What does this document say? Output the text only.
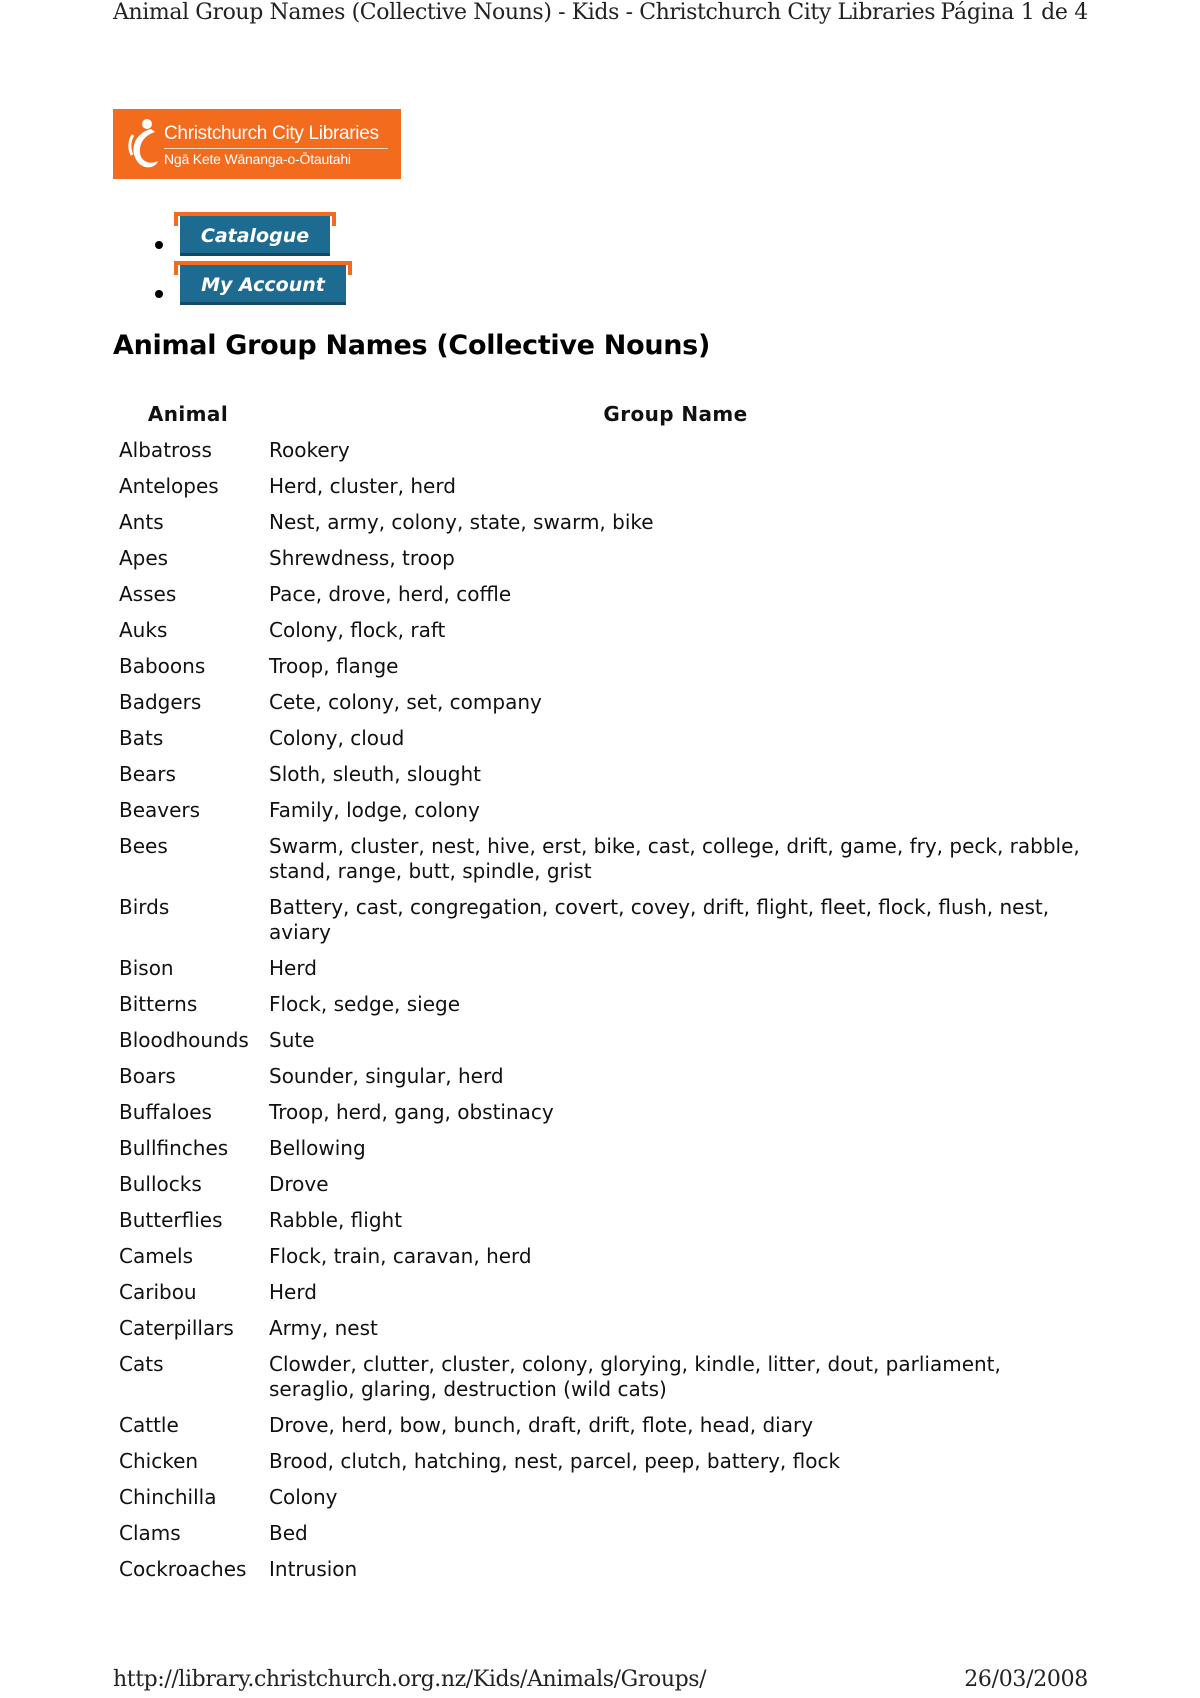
Animal Group Names (Collective Nouns) - Kids - Christchurch City Libraries Página 1 de 4
Christchurch City Libraries
Ngā Kete Wānanga-o-Ōtautahi
Catalogue
My Account
Animal Group Names (Collective Nouns)
Animal	Group Name
Albatross	Rookery
Antelopes	Herd, cluster, herd
Ants	Nest, army, colony, state, swarm, bike
Apes	Shrewdness, troop
Asses	Pace, drove, herd, coffle
Auks	Colony, flock, raft
Baboons	Troop, flange
Badgers	Cete, colony, set, company
Bats	Colony, cloud
Bears	Sloth, sleuth, slought
Beavers	Family, lodge, colony
Bees	Swarm, cluster, nest, hive, erst, bike, cast, college, drift, game, fry, peck, rabble, stand, range, butt, spindle, grist
Birds	Battery, cast, congregation, covert, covey, drift, flight, fleet, flock, flush, nest, aviary
Bison	Herd
Bitterns	Flock, sedge, siege
Bloodhounds	Sute
Boars	Sounder, singular, herd
Buffaloes	Troop, herd, gang, obstinacy
Bullfinches	Bellowing
Bullocks	Drove
Butterflies	Rabble, flight
Camels	Flock, train, caravan, herd
Caribou	Herd
Caterpillars	Army, nest
Cats	Clowder, clutter, cluster, colony, glorying, kindle, litter, dout, parliament, seraglio, glaring, destruction (wild cats)
Cattle	Drove, herd, bow, bunch, draft, drift, flote, head, diary
Chicken	Brood, clutch, hatching, nest, parcel, peep, battery, flock
Chinchilla	Colony
Clams	Bed
Cockroaches	Intrusion
http://library.christchurch.org.nz/Kids/Animals/Groups/	26/03/2008
